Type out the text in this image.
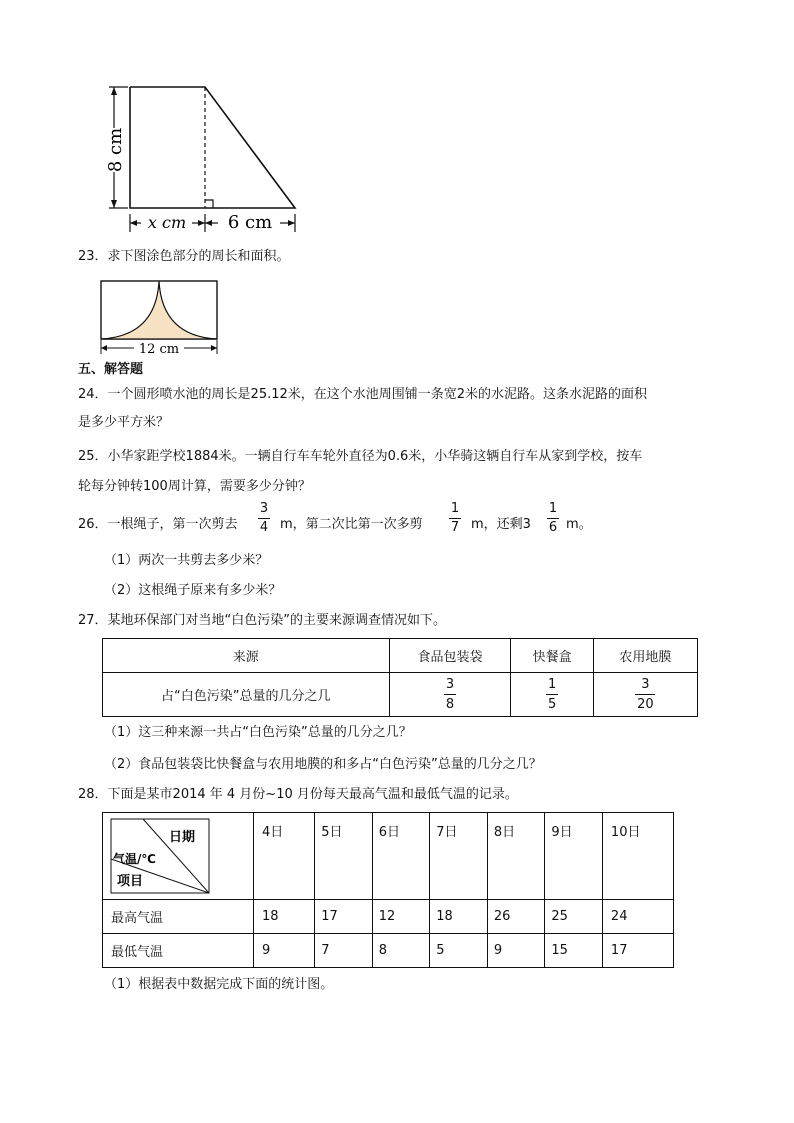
8 cm
x cm 6 cm
23．求下图涂色部分的周长和面积。
12 cm
五、解答题
24．一个圆形喷水池的周长是25.12米，在这个水池周围铺一条宽2米的水泥路。这条水泥路的面积
是多少平方米？
25．小华家距学校1884米。一辆自行车车轮外直径为0.6米，小华骑这辆自行车从家到学校，按车
轮每分钟转100周计算，需要多少分钟？
26．一根绳子，第一次剪去
3
4 m，第二次比第一次多剪
1
7 m，还剩3
1
6 m。
（1）两次一共剪去多少米？
（2）这根绳子原来有多少米？
27．某地环保部门对当地“白色污染”的主要来源调查情况如下。
来源	食品包装袋	快餐盒	农用地膜
占“白色污染”总量的几分之几	$\frac{3}{8}$	$\frac{1}{5}$	$\frac{3}{20}$
（1）这三种来源一共占“白色污染”总量的几分之几？
（2）食品包装袋比快餐盒与农用地膜的和多占“白色污染”总量的几分之几？
28．下面是某市2014 年 4 月份~10 月份每天最高气温和最低气温的记录。
日期
气温/℃
项目	4日	5日	6日	7日	8日	9日	10日
最高气温	18	17	12	18	26	25	24
最低气温	9	7	8	5	9	15	17
（1）根据表中数据完成下面的统计图。
